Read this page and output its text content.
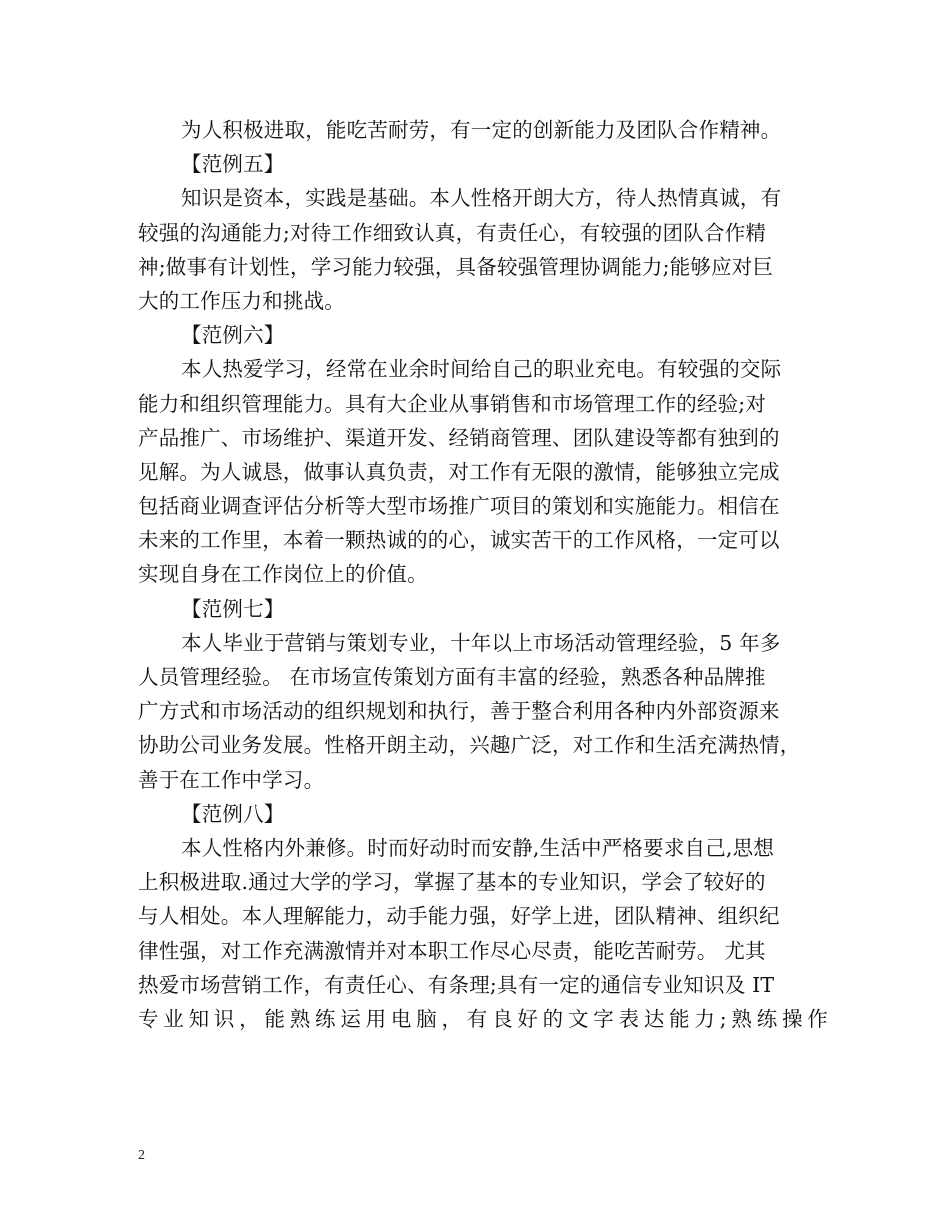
为人积极进取，能吃苦耐劳，有一定的创新能力及团队合作精神。
【范例五】
知识是资本，实践是基础。本人性格开朗大方，待人热情真诚，有
较强的沟通能力;对待工作细致认真，有责任心，有较强的团队合作精
神;做事有计划性，学习能力较强，具备较强管理协调能力;能够应对巨
大的工作压力和挑战。
【范例六】
本人热爱学习，经常在业余时间给自己的职业充电。有较强的交际
能力和组织管理能力。具有大企业从事销售和市场管理工作的经验;对
产品推广、市场维护、渠道开发、经销商管理、团队建设等都有独到的
见解。为人诚恳，做事认真负责，对工作有无限的激情，能够独立完成
包括商业调查评估分析等大型市场推广项目的策划和实施能力。相信在
未来的工作里，本着一颗热诚的的心，诚实苦干的工作风格，一定可以
实现自身在工作岗位上的价值。
【范例七】
本人毕业于营销与策划专业，十年以上市场活动管理经验，5 年多
人员管理经验。 在市场宣传策划方面有丰富的经验，熟悉各种品牌推
广方式和市场活动的组织规划和执行，善于整合利用各种内外部资源来
协助公司业务发展。性格开朗主动，兴趣广泛，对工作和生活充满热情，
善于在工作中学习。
【范例八】
本人性格内外兼修。时而好动时而安静,生活中严格要求自己,思想
上积极进取.通过大学的学习，掌握了基本的专业知识，学会了较好的
与人相处。本人理解能力，动手能力强，好学上进，团队精神、组织纪
律性强，对工作充满激情并对本职工作尽心尽责，能吃苦耐劳。 尤其
热爱市场营销工作，有责任心、有条理;具有一定的通信专业知识及 IT
专业知识，能熟练运用电脑，有良好的文字表达能力;熟练操作
2
